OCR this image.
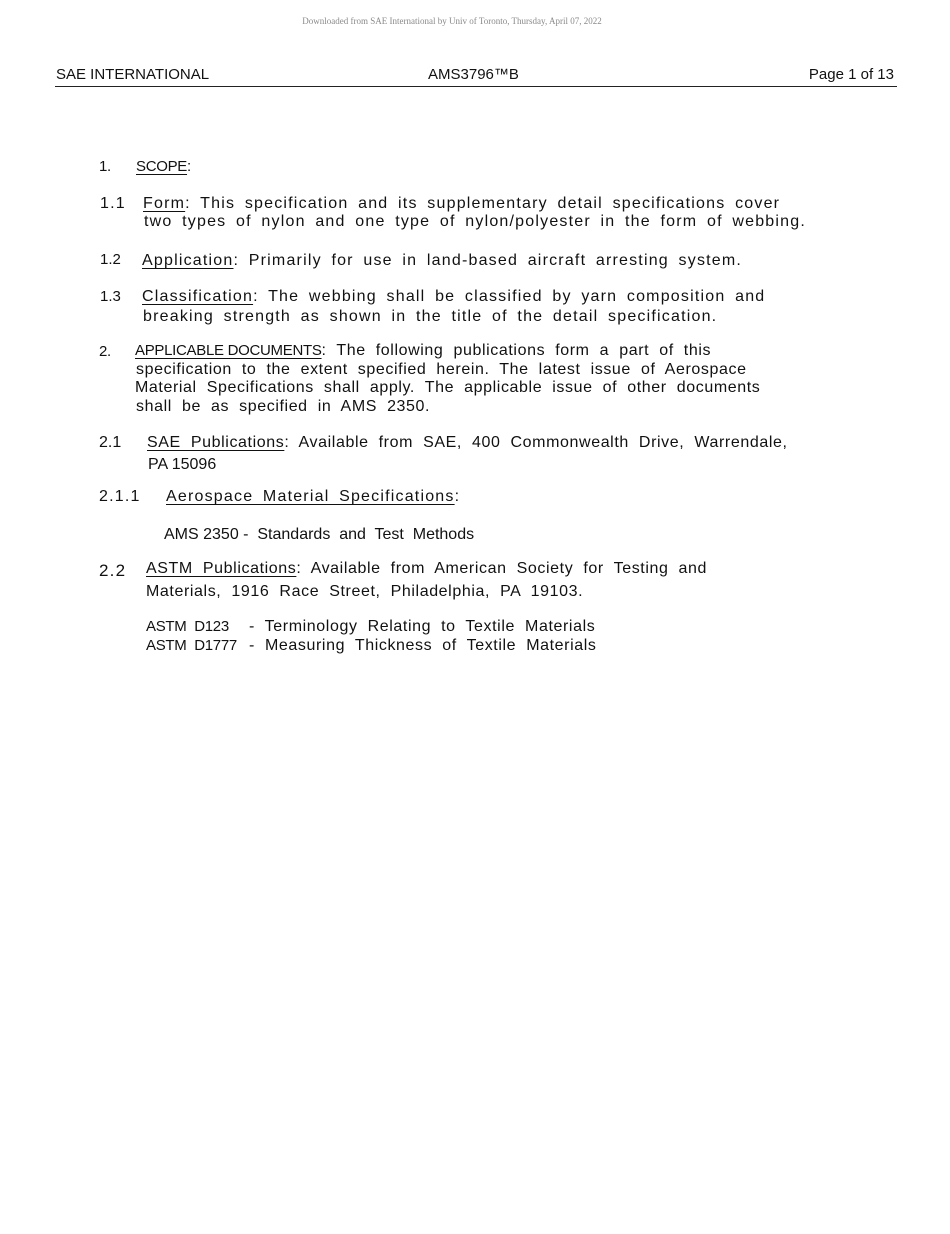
Downloaded from SAE International by Univ of Toronto, Thursday, April 07, 2022
SAE INTERNATIONAL	AMS3796™B	Page 1 of 13
1. SCOPE:
1.1 Form: This specification and its supplementary detail specifications cover
two types of nylon and one type of nylon/polyester in the form of webbing.
1.2 Application: Primarily for use in land-based aircraft arresting system.
1.3 Classification: The webbing shall be classified by yarn composition and
breaking strength as shown in the title of the detail specification.
2. APPLICABLE DOCUMENTS: The following publications form a part of this
specification to the extent specified herein. The latest issue of Aerospace
Material Specifications shall apply. The applicable issue of other documents
shall be as specified in AMS 2350.
2.1 SAE Publications: Available from SAE, 400 Commonwealth Drive, Warrendale,
PA 15096
2.1.1 Aerospace Material Specifications:
AMS 2350 -  Standards  and  Test  Methods
2.2 ASTM Publications: Available from American Society for Testing and
Materials, 1916 Race Street, Philadelphia, PA 19103.
ASTM  D123 - Terminology Relating to Textile Materials
ASTM  D1777 - Measuring Thickness of Textile Materials
